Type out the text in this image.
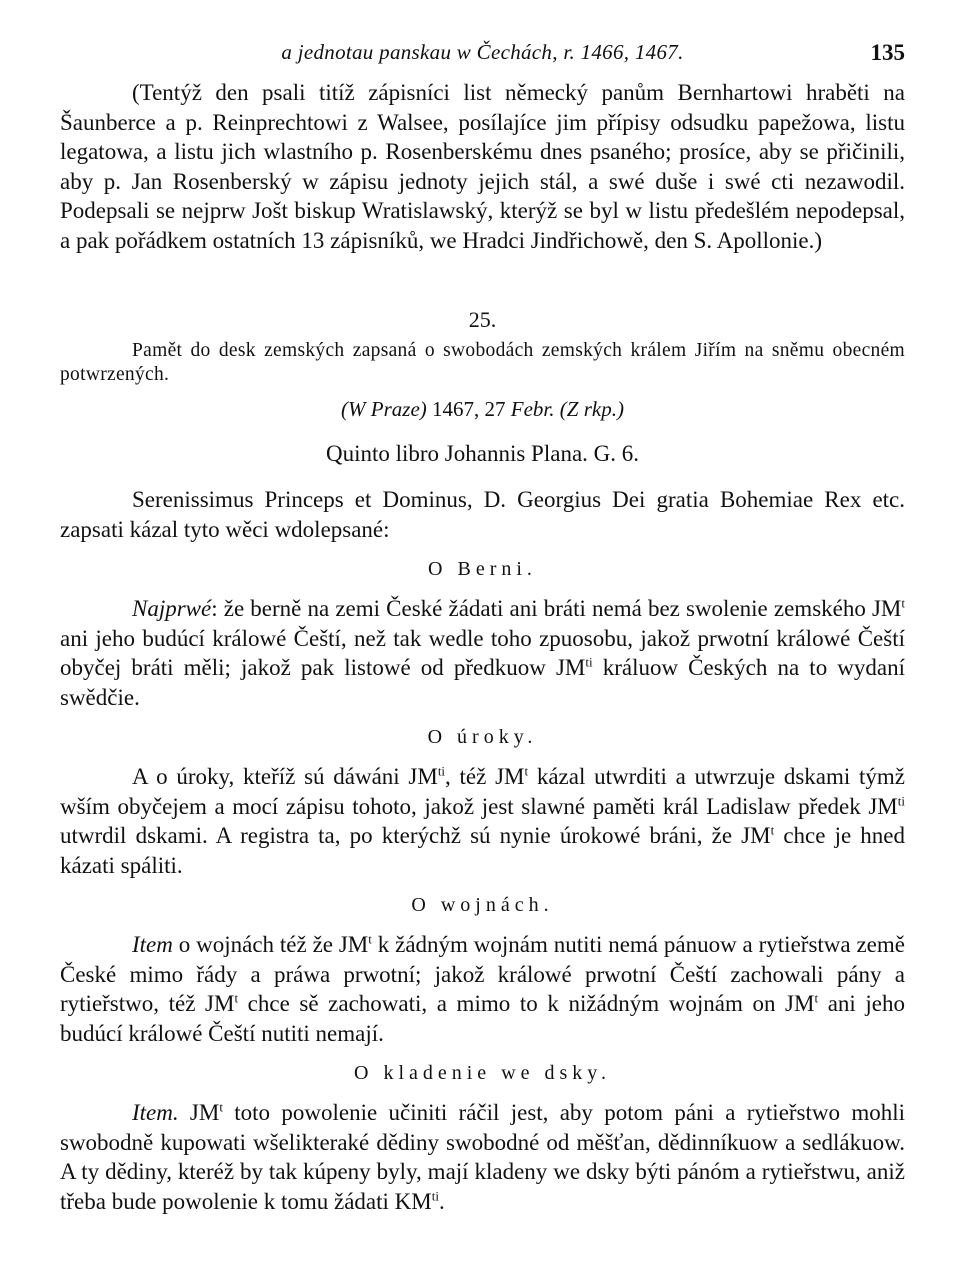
a jednotau panskau w Čechách, r. 1466, 1467.	135

(Tentýž den psali titíž zápisníci list německý panům Bernhartowi hraběti na Šaunberce a p. Reinprechtowi z Walsee, posílajíce jim přípisy odsudku papežowa, listu legatowa, a listu jich wlastního p. Rosenberskému dnes psaného; prosíce, aby se přičinili, aby p. Jan Rosenberský w zápisu jednoty jejich stál, a swé duše i swé cti nezawodil. Podepsali se nejprw Jošt biskup Wratislawský, kterýž se byl w listu předešlém nepodepsal, a pak pořádkem ostatních 13 zápisníků, we Hradci Jindřichowě, den S. Apollonie.)

25.

Pamět do desk zemských zapsaná o swobodách zemských králem Jiřím na sněmu obecném potwrzených.

(W Praze) 1467, 27 Febr. (Z rkp.)
Quinto libro Johannis Plana. G. 6.

Serenissimus Princeps et Dominus, D. Georgius Dei gratia Bohemiae Rex etc. zapsati kázal tyto wěci wdolepsané:

O Berni.

Najprwé: že berně na zemi České žádati ani bráti nemá bez swolenie zemského $JM^t$ ani jeho budúcí králowé Čeští, než tak wedle toho zpuosobu, jakož prwotní králowé Čeští obyčej bráti měli; jakož pak listowé od předkuow $JM^{ti}$ králuow Českých na to wydaní swědčie.

O úroky.

A o úroky, kteříž sú dáwáni $JM^{ti}$, též $JM^t$ kázal utwrditi a utwrzuje dskami týmž wším obyčejem a mocí zápisu tohoto, jakož jest slawné paměti král Ladislaw předek $JM^{ti}$ utwrdil dskami. A registra ta, po kterýchž sú nynie úrokowé bráni, že $JM^t$ chce je hned kázati spáliti.

O wojnách.

Item o wojnách též že $JM^t$ k žádným wojnám nutiti nemá pánuow a rytieřstwa země České mimo řády a práwa prwotní; jakož králowé prwotní Čeští zachowali pány a rytieřstwo, též $JM^t$ chce sě zachowati, a mimo to k nižádným wojnám on $JM^t$ ani jeho budúcí králowé Čeští nutiti nemají.

O kladenie we dsky.

Item. $JM^t$ toto powolenie učiniti ráčil jest, aby potom páni a rytieřstwo mohli swobodně kupowati wšelikteraké dědiny swobodné od měšťan, dědinníkuow a sedlákuow. A ty dědiny, kteréž by tak kúpeny byly, mají kladeny we dsky býti pánóm a rytieřstwu, aniž třeba bude powolenie k tomu žádati $KM^{ti}$.
